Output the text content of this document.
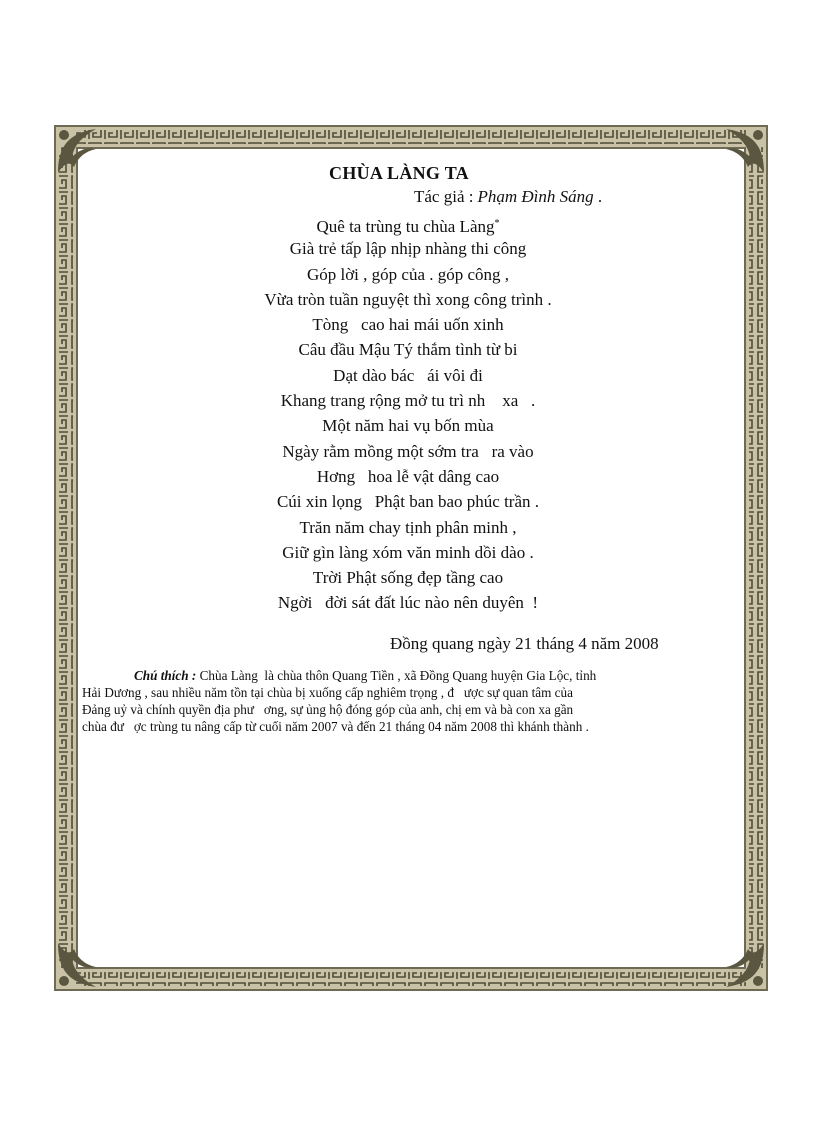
CHÙA LÀNG TA
Tác giả : Phạm Đình Sáng .
Quê ta trùng tu chùa Làng*
Già trẻ tấp lập nhịp nhàng thi công
Góp lời , góp của . góp công ,
Vừa tròn tuần nguyệt thì xong công trình .
Tòng   cao hai mái uốn xinh
Câu đầu Mậu Tý thắm tình từ bi
Dạt dào bác   ái vôi đi
Khang trang rộng mở tu trì nh    xa   .
Một năm hai vụ bốn mùa
Ngày rằm mồng một sớm tra   ra vào
Hơng   hoa lễ vật dâng cao
Cúi xin lọng   Phật ban bao phúc trần .
Trăn năm chay tịnh phân minh ,
Giữ gìn làng xóm văn minh dồi dào .
Trời Phật sống đẹp tầng cao
Ngời   đời sát đất lúc nào nên duyên  !
Đồng quang ngày 21 tháng 4 năm 2008

Chú thích : Chùa Làng  là chùa thôn Quang Tiền , xã Đồng Quang huyện Gia Lộc, tỉnh

Hải Dương , sau nhiều năm tồn tại chùa bị xuống cấp nghiêm trọng , đ   ược sự quan tâm của

Đảng uỷ và chính quyền địa phư   ơng, sự ủng hộ đóng góp của anh, chị em và bà con xa gần

chùa đư   ợc trùng tu nâng cấp từ cuối năm 2007 và đến 21 tháng 04 năm 2008 thì khánh thành .
